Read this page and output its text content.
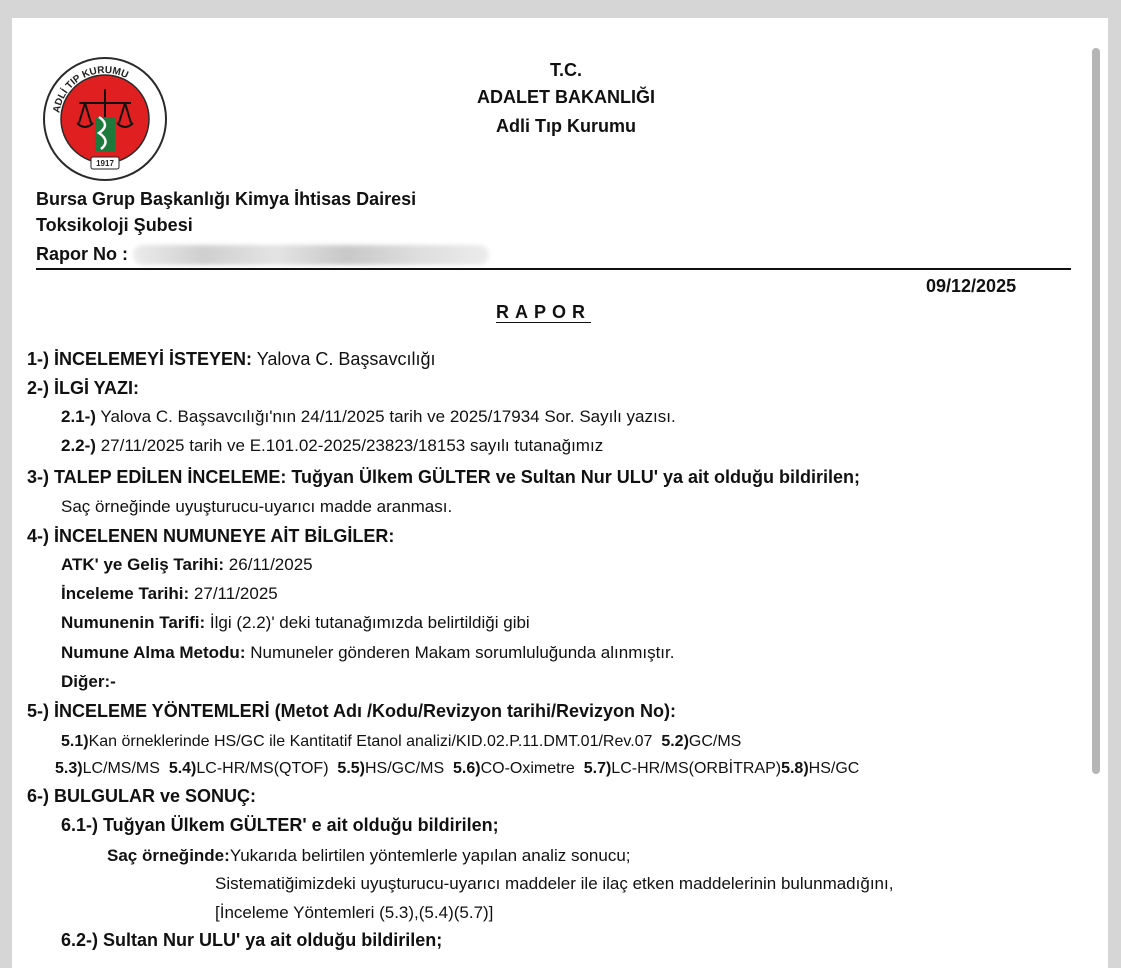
ADLİ TIP KURUMU
1917
T.C.
ADALET BAKANLIĞI
Adli Tıp Kurumu
Bursa Grup Başkanlığı Kimya İhtisas Dairesi
Toksikoloji Şubesi
Rapor No :
09/12/2025
RAPOR
1-) İNCELEMEYİ İSTEYEN: Yalova C. Başsavcılığı
2-) İLGİ YAZI:
2.1-) Yalova C. Başsavcılığı'nın 24/11/2025 tarih ve 2025/17934 Sor. Sayılı yazısı.
2.2-) 27/11/2025 tarih ve E.101.02-2025/23823/18153 sayılı tutanağımız
3-) TALEP EDİLEN İNCELEME: Tuğyan Ülkem GÜLTER ve Sultan Nur ULU' ya ait olduğu bildirilen;
Saç örneğinde uyuşturucu-uyarıcı madde aranması.
4-) İNCELENEN NUMUNEYE AİT BİLGİLER:
ATK' ye Geliş Tarihi: 26/11/2025
İnceleme Tarihi: 27/11/2025
Numunenin Tarifi: İlgi (2.2)' deki tutanağımızda belirtildiği gibi
Numune Alma Metodu: Numuneler gönderen Makam sorumluluğunda alınmıştır.
Diğer:-
5-) İNCELEME YÖNTEMLERİ (Metot Adı /Kodu/Revizyon tarihi/Revizyon No):
5.1)Kan örneklerinde HS/GC ile Kantitatif Etanol analizi/KID.02.P.11.DMT.01/Rev.07 5.2)GC/MS
5.3)LC/MS/MS 5.4)LC-HR/MS(QTOF) 5.5)HS/GC/MS 5.6)CO-Oximetre 5.7)LC-HR/MS(ORBİTRAP)5.8)HS/GC
6-) BULGULAR ve SONUÇ:
6.1-) Tuğyan Ülkem GÜLTER' e ait olduğu bildirilen;
Saç örneğinde:Yukarıda belirtilen yöntemlerle yapılan analiz sonucu;
Sistematiğimizdeki uyuşturucu-uyarıcı maddeler ile ilaç etken maddelerinin bulunmadığını,
[İnceleme Yöntemleri (5.3),(5.4)(5.7)]
6.2-) Sultan Nur ULU' ya ait olduğu bildirilen;
